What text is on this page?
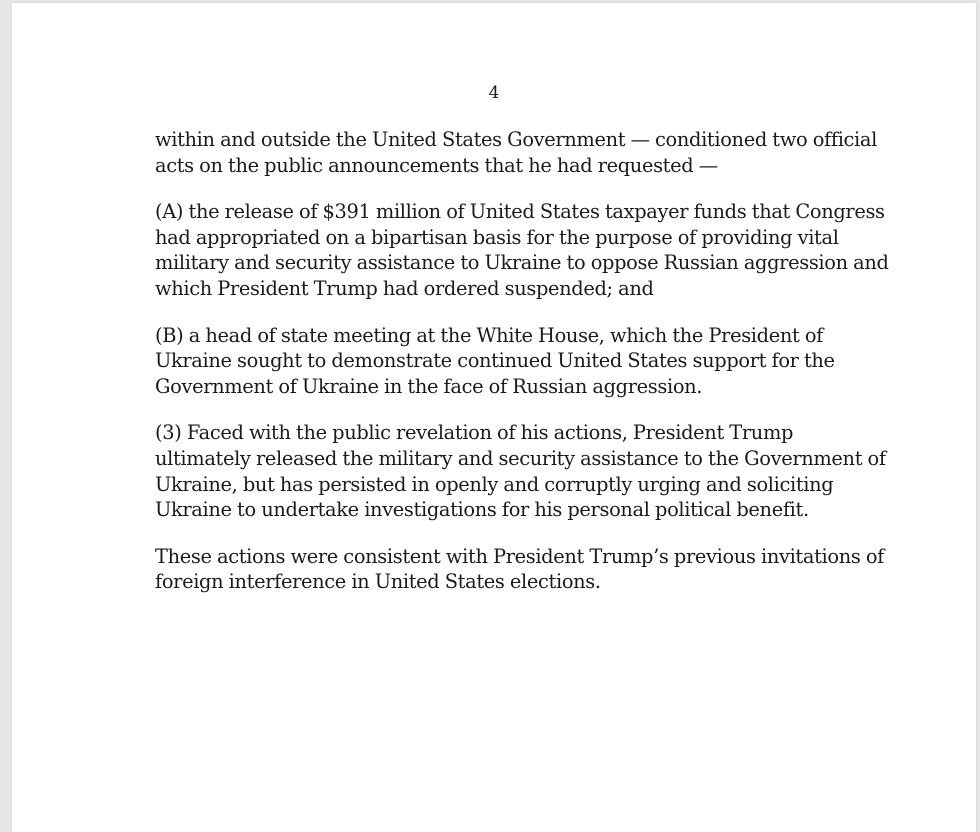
4

within and outside the United States Government — conditioned two official
acts on the public announcements that he had requested —

(A) the release of $391 million of United States taxpayer funds that Congress
had appropriated on a bipartisan basis for the purpose of providing vital
military and security assistance to Ukraine to oppose Russian aggression and
which President Trump had ordered suspended; and

(B) a head of state meeting at the White House, which the President of
Ukraine sought to demonstrate continued United States support for the
Government of Ukraine in the face of Russian aggression.

(3) Faced with the public revelation of his actions, President Trump
ultimately released the military and security assistance to the Government of
Ukraine, but has persisted in openly and corruptly urging and soliciting
Ukraine to undertake investigations for his personal political benefit.

These actions were consistent with President Trump’s previous invitations of
foreign interference in United States elections.
